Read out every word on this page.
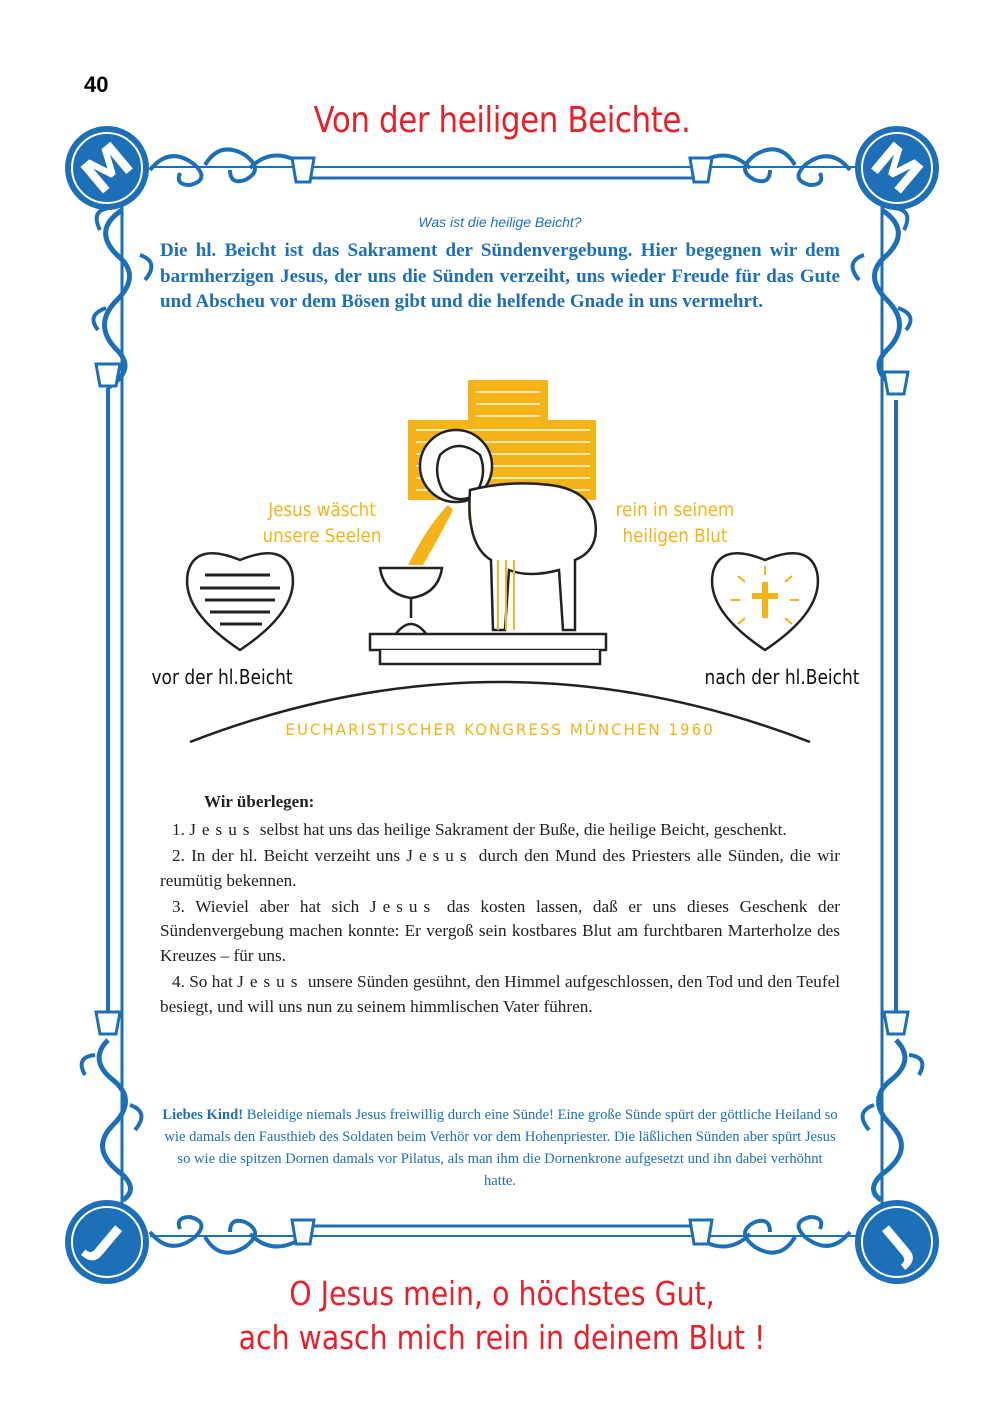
M	M
J	J
40
Von der heiligen Beichte.
Was ist die heilige Beicht?
Die hl. Beicht ist das Sakrament der Sündenvergebung. Hier begegnen wir dem barmherzigen Jesus, der uns die Sünden verzeiht, uns wieder Freude für das Gute und Abscheu vor dem Bösen gibt und die helfende Gnade in uns vermehrt.
Jesus wäscht
unsere Seelen
rein in seinem
heiligen Blut
vor der hl.Beicht	nach der hl.Beicht
EUCHARISTISCHER KONGRESS MÜNCHEN 1960
Wir überlegen:

1. Jesus selbst hat uns das heilige Sakrament der Buße, die heilige Beicht, geschenkt.

2. In der hl. Beicht verzeiht uns Jesus durch den Mund des Priesters alle Sünden, die wir reumütig bekennen.

3. Wieviel aber hat sich Jesus das kosten lassen, daß er uns dieses Geschenk der Sündenvergebung machen konnte: Er vergoß sein kostbares Blut am furchtbaren Marterholze des Kreuzes – für uns.

4. So hat Jesus unsere Sünden gesühnt, den Himmel aufgeschlossen, den Tod und den Teufel besiegt, und will uns nun zu seinem himmlischen Vater führen.

Liebes Kind! Beleidige niemals Jesus freiwillig durch eine Sünde! Eine große Sünde spürt der göttliche Heiland so wie damals den Fausthieb des Soldaten beim Verhör vor dem Hohenpriester. Die läßlichen Sünden aber spürt Jesus so wie die spitzen Dornen damals vor Pilatus, als man ihm die Dornenkrone aufgesetzt und ihn dabei verhöhnt hatte.
O Jesus mein, o höchstes Gut,
ach wasch mich rein in deinem Blut !
